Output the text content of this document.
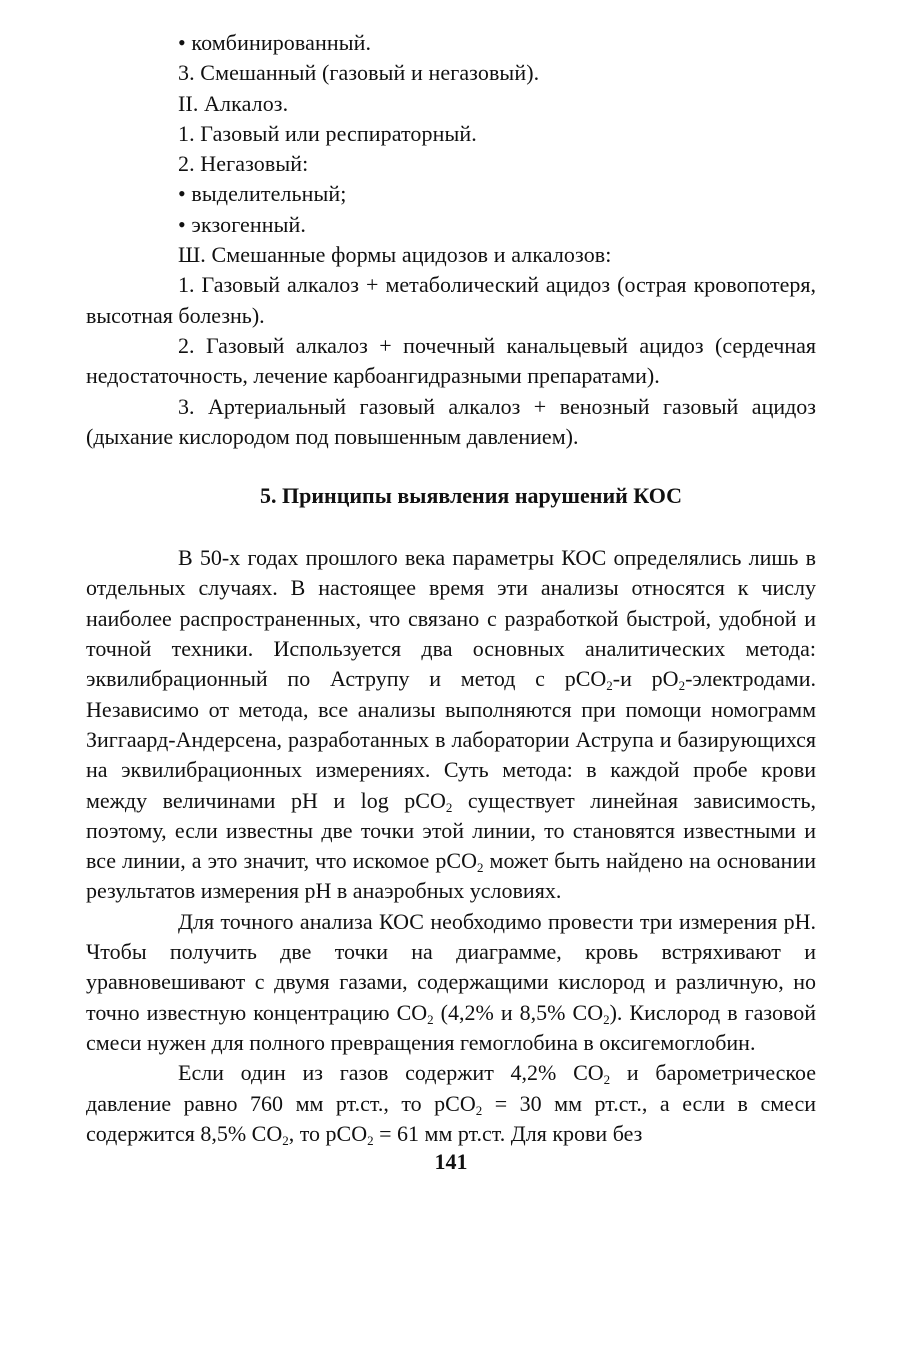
• комбинированный.
3. Смешанный (газовый и негазовый).
II. Алкалоз.
1. Газовый или респираторный.
2. Негазовый:
• выделительный;
• экзогенный.
Ш. Смешанные формы ацидозов и алкалозов:

1. Газовый алкалоз + метаболический ацидоз (острая кровопотеря, высотная болезнь).

2. Газовый алкалоз + почечный канальцевый ацидоз (сердечная недостаточность, лечение карбоангидразными препаратами).

3. Артериальный газовый алкалоз + венозный газовый ацидоз (дыхание кислородом под повышенным давлением).

5. Принципы выявления нарушений КОС

В 50-х годах прошлого века параметры КОС определялись лишь в отдельных случаях. В настоящее время эти анализы относятся к числу наиболее распространенных, что связано с разработкой быстрой, удобной и точной техники. Используется два основных аналитических метода: эквилибрационный по Аструпу и метод с pCO$_2$-и $pO_2$-электродами. Независимо от метода, все анализы выполняются при помощи номограмм Зиггаард-Андерсена, разработанных в лаборатории Аструпа и базирующихся на эквилибрационных измерениях. Суть метода: в каждой пробе крови между величинами pH и log pCO$_2$ существует линейная зависимость, поэтому, если известны две точки этой линии, то становятся известными и все линии, а это значит, что искомое pCO$_2$ может быть найдено на основании результатов измерения pH в анаэробных условиях.

Для точного анализа КОС необходимо провести три измерения pH. Чтобы получить две точки на диаграмме, кровь встряхивают и уравновешивают с двумя газами, содержащими кислород и различную, но точно известную концентрацию $CO_2$ (4,2% и 8,5% $CO_2$). Кислород в газовой смеси нужен для полного превращения гемоглобина в оксигемоглобин.

Если один из газов содержит 4,2% $CO_2$ и барометрическое давление равно 760 мм рт.ст., то pCO$_2$ = 30 мм рт.ст., а если в смеси содержится 8,5% $CO_2$, то pCO$_2$ = 61 мм рт.ст. Для крови без

141
